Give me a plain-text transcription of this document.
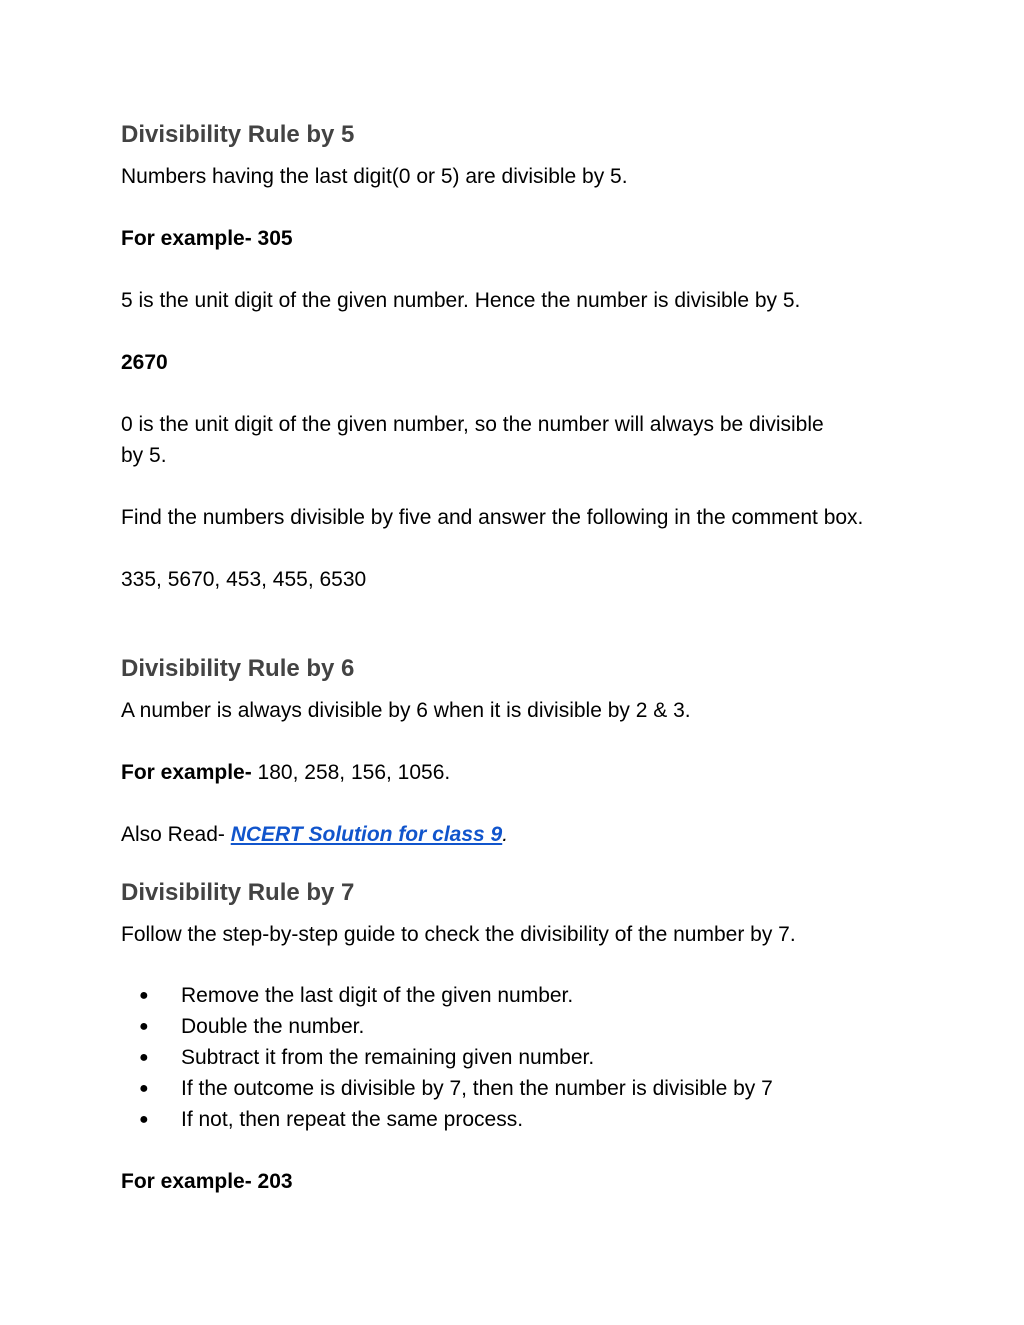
Divisibility Rule by 5

Numbers having the last digit(0 or 5) are divisible by 5.

For example- 305

5 is the unit digit of the given number. Hence the number is divisible by 5.

2670

0 is the unit digit of the given number, so the number will always be divisible by 5.

Find the numbers divisible by five and answer the following in the comment box.

335, 5670, 453, 455, 6530

Divisibility Rule by 6

A number is always divisible by 6 when it is divisible by 2 & 3.

For example- 180, 258, 156, 1056.

Also Read- NCERT Solution for class 9.

Divisibility Rule by 7

Follow the step-by-step guide to check the divisibility of the number by 7.

● Remove the last digit of the given number.
● Double the number.
● Subtract it from the remaining given number.
● If the outcome is divisible by 7, then the number is divisible by 7
● If not, then repeat the same process.

For example- 203
